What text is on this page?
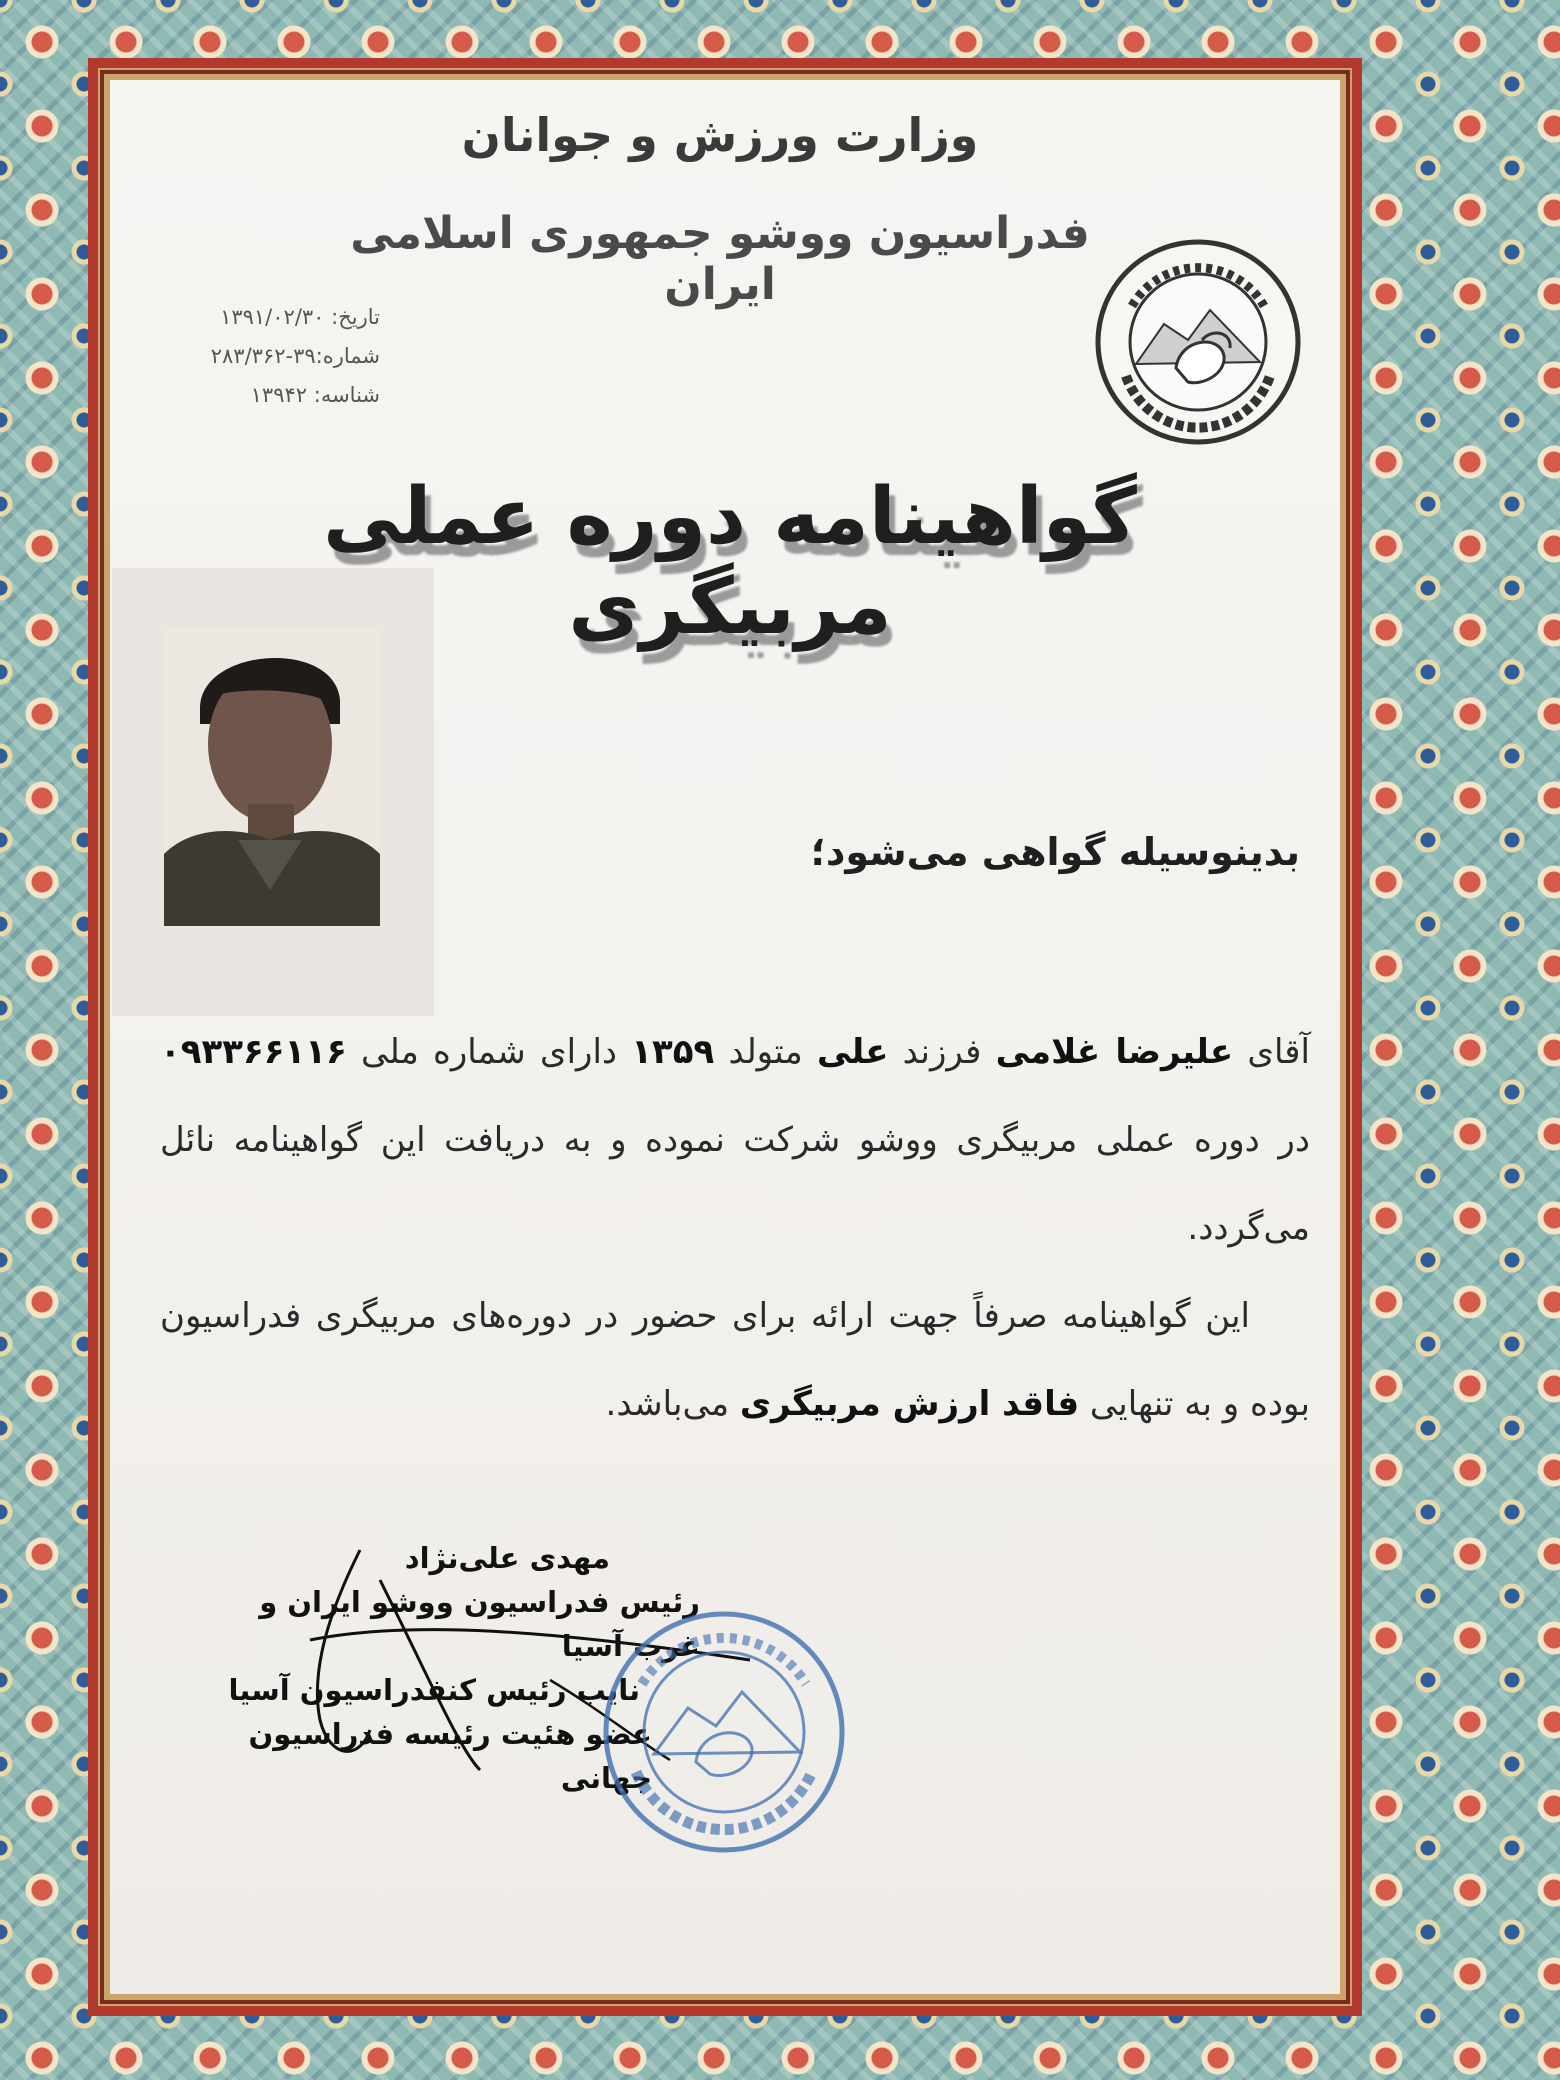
وزارت ورزش و جوانان
فدراسیون ووشو جمهوری اسلامی ایران
تاریخ: ۱۳۹۱/۰۲/۳۰
شماره:۳۹-۲۸۳/۳۶۲
شناسه: ۱۳۹۴۲
گواهینامه دوره عملی مربیگری
بدینوسیله گواهی می‌شود؛

آقای علیرضا غلامی فرزند علی متولد ۱۳۵۹ دارای شماره ملی ۰۹۳۳۶۶۱۱۶ در دوره عملی مربیگری ووشو شرکت نموده و به دریافت این گواهینامه نائل می‌گردد.

این گواهینامه صرفاً جهت ارائه برای حضور در دوره‌های مربیگری فدراسیون بوده و به تنهایی فاقد ارزش مربیگری می‌باشد.

مهدی علی‌نژاد
رئیس فدراسیون ووشو ایران و غرب آسیا
نایب رئیس کنفدراسیون آسیا
عضو هئیت رئیسه فدراسیون جهانی
